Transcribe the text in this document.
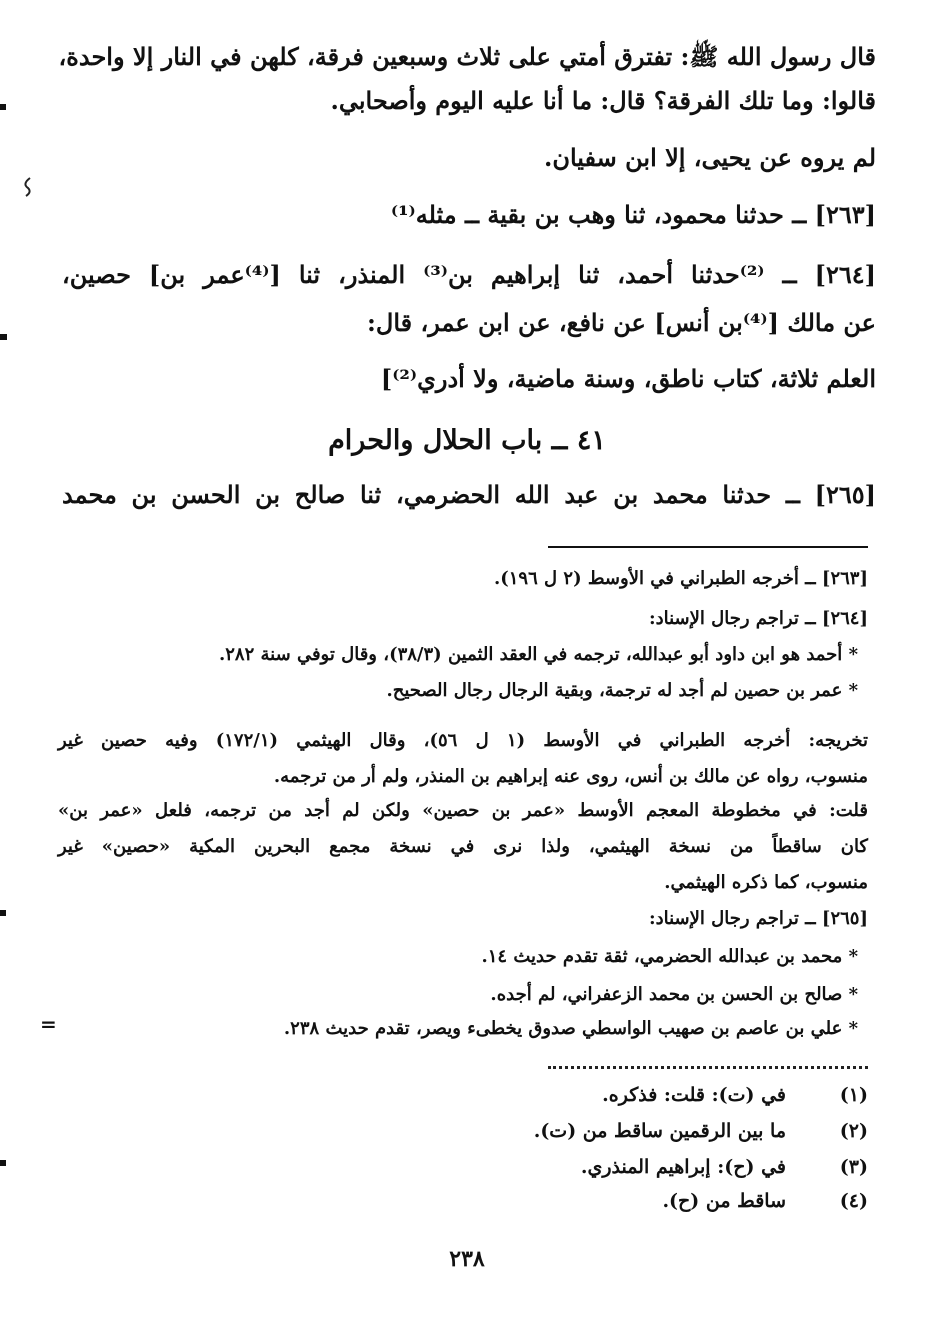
قال رسول الله ﷺ: تفترق أمتي على ثلاث وسبعين فرقة، كلهن في النار إلا واحدة،
قالوا: وما تلك الفرقة؟ قال: ما أنا عليه اليوم وأصحابي.
لم يروه عن يحيى، إلا ابن سفيان.
[٢٦٣] ــ حدثنا محمود، ثنا وهب بن بقية ــ مثله⁽¹⁾
[٢٦٤] ــ ⁽²⁾حدثنا أحمد، ثنا إبراهيم بن⁽³⁾ المنذر، ثنا [⁽⁴⁾عمر بن] حصين،
عن مالك [⁽⁴⁾بن أنس] عن نافع، عن ابن عمر، قال:
العلم ثلاثة، كتاب ناطق، وسنة ماضية، ولا أدري⁽²⁾]
٤١ ــ باب الحلال والحرام
[٢٦٥] ــ حدثنا محمد بن عبد الله الحضرمي، ثنا صالح بن الحسن بن محمد
[٢٦٣] ــ أخرجه الطبراني في الأوسط (٢ ل ١٩٦).
[٢٦٤] ــ تراجم رجال الإسناد:
* أحمد هو ابن داود أبو عبدالله، ترجمه في العقد الثمين (٣٨/٣)، وقال توفي سنة ٢٨٢.
* عمر بن حصين لم أجد له ترجمة، وبقية الرجال رجال الصحيح.
تخريجه: أخرجه الطبراني في الأوسط (١ ل ٥٦)، وقال الهيثمي (١٧٢/١) وفيه حصين غير
منسوب، رواه عن مالك بن أنس، روى عنه إبراهيم بن المنذر، ولم أر من ترجمه.
قلت: في مخطوطة المعجم الأوسط «عمر بن حصين» ولكن لم أجد من ترجمه، فلعل «عمر بن»
كان ساقطاً من نسخة الهيثمي، ولذا نرى في نسخة مجمع البحرين المكية «حصين» غير
منسوب، كما ذكره الهيثمي.
[٢٦٥] ــ تراجم رجال الإسناد:
* محمد بن عبدالله الحضرمي، ثقة تقدم حديث ١٤.
* صالح بن الحسن بن محمد الزعفراني، لم أجده.
* علي بن عاصم بن صهيب الواسطي صدوق يخطىء ويصر، تقدم حديث ٢٣٨.
(١)
في (ت): قلت: فذكره.
(٢)
ما بين الرقمين ساقط من (ت).
(٣)
في (ح): إبراهيم المنذري.
(٤)
ساقط من (ح).
٢٣٨
=
